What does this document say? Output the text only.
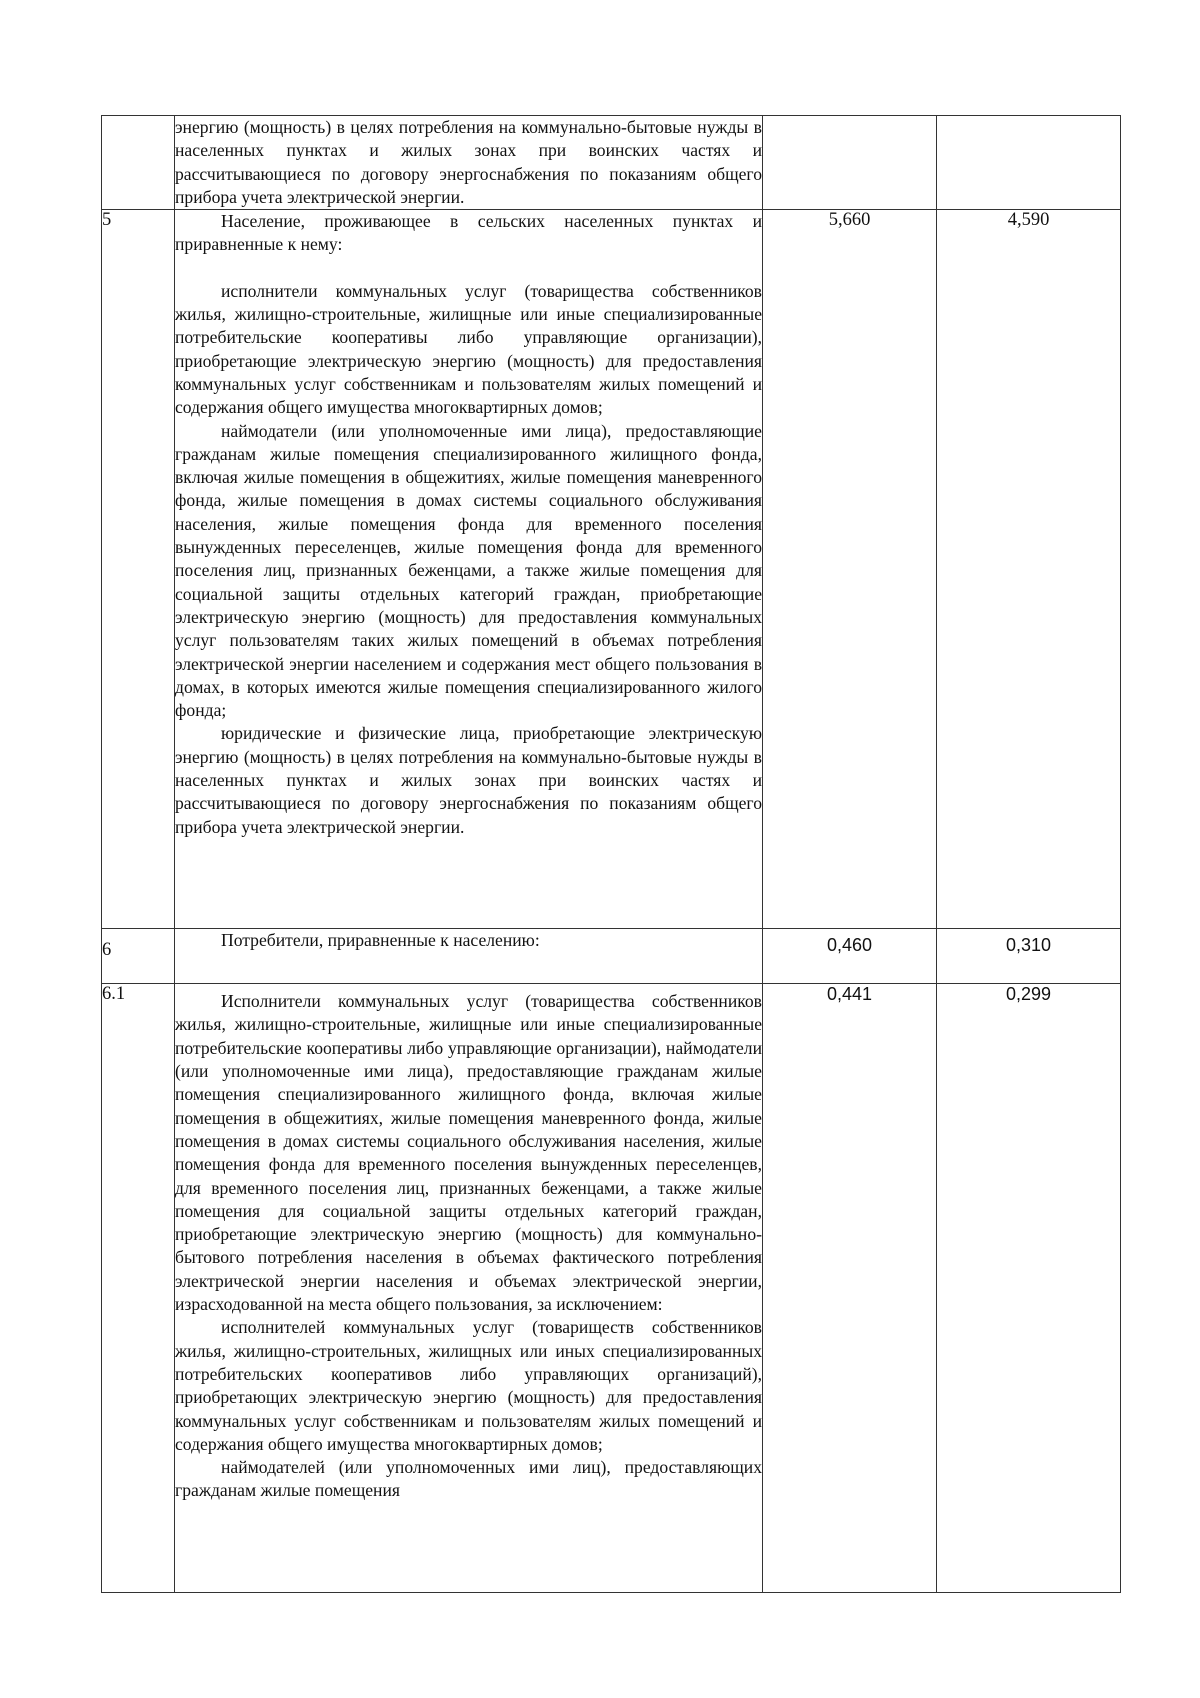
	энергию (мощность) в целях потребления на коммунально-бытовые нужды в населенных пунктах и жилых зонах при воинских частях и рассчитывающиеся по договору энергоснабжения по показаниям общего прибора учета электрической энергии.		

5	Население, проживающее в сельских населенных пунктах и приравненные к нему:

исполнители коммунальных услуг (товарищества собственников жилья, жилищно-строительные, жилищные или иные специализированные потребительские кооперативы либо управляющие организации), приобретающие электрическую энергию (мощность) для предоставления коммунальных услуг собственникам и пользователям жилых помещений и содержания общего имущества многоквартирных домов;

наймодатели (или уполномоченные ими лица), предоставляющие гражданам жилые помещения специализированного жилищного фонда, включая жилые помещения в общежитиях, жилые помещения маневренного фонда, жилые помещения в домах системы социального обслуживания населения, жилые помещения фонда для временного поселения вынужденных переселенцев, жилые помещения фонда для временного поселения лиц, признанных беженцами, а также жилые помещения для социальной защиты отдельных категорий граждан, приобретающие электрическую энергию (мощность) для предоставления коммунальных услуг пользователям таких жилых помещений в объемах потребления электрической энергии населением и содержания мест общего пользования в домах, в которых имеются жилые помещения специализированного жилого фонда;

юридические и физические лица, приобретающие электрическую энергию (мощность) в целях потребления на коммунально-бытовые нужды в населенных пунктах и жилых зонах при воинских частях и рассчитывающиеся по договору энергоснабжения по показаниям общего прибора учета электрической энергии.	5,660	4,590
6	Потребители, приравненные к населению:	0,460	0,310
6.1	Исполнители коммунальных услуг (товарищества собственников жилья, жилищно-строительные, жилищные или иные специализированные потребительские кооперативы либо управляющие организации), наймодатели (или уполномоченные ими лица), предоставляющие гражданам жилые помещения специализированного жилищного фонда, включая жилые помещения в общежитиях, жилые помещения маневренного фонда, жилые помещения в домах системы социального обслуживания населения, жилые помещения фонда для временного поселения вынужденных переселенцев, для временного поселения лиц, признанных беженцами, а также жилые помещения для социальной защиты отдельных категорий граждан, приобретающие электрическую энергию (мощность) для коммунально-бытового потребления населения в объемах фактического потребления электрической энергии населения и объемах электрической энергии, израсходованной на места общего пользования, за исключением:

исполнителей коммунальных услуг (товариществ собственников жилья, жилищно-строительных, жилищных или иных специализированных потребительских кооперативов либо управляющих организаций), приобретающих электрическую энергию (мощность) для предоставления коммунальных услуг собственникам и пользователям жилых помещений и содержания общего имущества многоквартирных домов;

наймодателей (или уполномоченных ими лиц), предоставляющих гражданам жилые помещения	0,441	0,299
